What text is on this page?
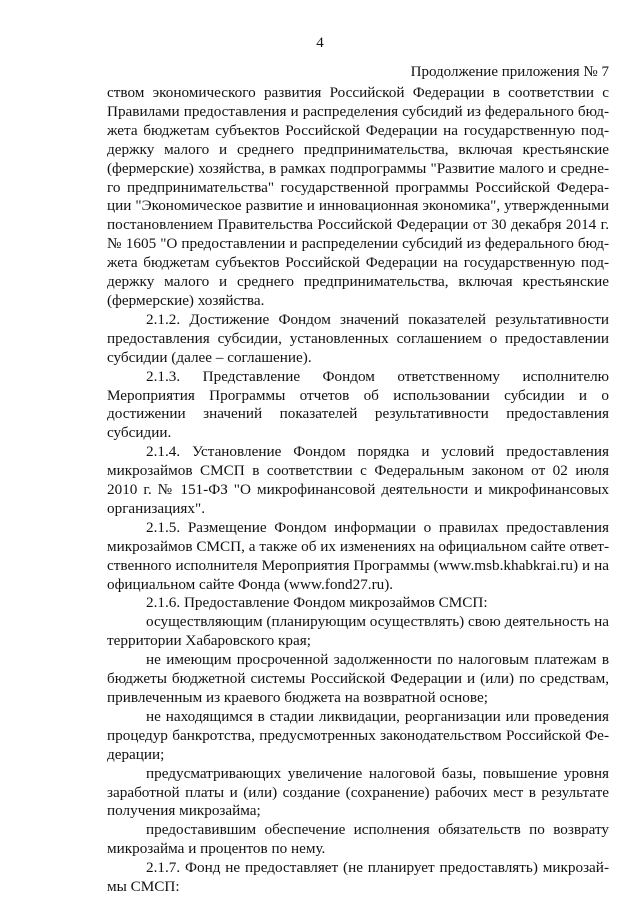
4
Продолжение приложения № 7

ством экономического развития Российской Федерации в соответствии с Правилами предоставления и распределения субсидий из федерального бюджета бюджетам субъектов Российской Федерации на государственную поддержку малого и среднего предпринимательства, включая крестьянские (фермерские) хозяйства, в рамках подпрограммы "Развитие малого и среднего предпринимательства" государственной программы Российской Федерации "Экономическое развитие и инновационная экономика", утвержденными постановлением Правительства Российской Федерации от 30 декабря 2014 г. № 1605 "О предоставлении и распределении субсидий из федерального бюджета бюджетам субъектов Российской Федерации на государственную поддержку малого и среднего предпринимательства, включая крестьянские (фермерские) хозяйства.

2.1.2. Достижение Фондом значений показателей результативности предоставления субсидии, установленных соглашением о предоставлении субсидии (далее – соглашение).

2.1.3. Представление Фондом ответственному исполнителю Мероприятия Программы отчетов об использовании субсидии и о достижении значений показателей результативности предоставления субсидии.

2.1.4. Установление Фондом порядка и условий предоставления микрозаймов СМСП в соответствии с Федеральным законом от 02 июля 2010 г. № 151-ФЗ "О микрофинансовой деятельности и микрофинансовых организациях".

2.1.5. Размещение Фондом информации о правилах предоставления микрозаймов СМСП, а также об их изменениях на официальном сайте ответственного исполнителя Мероприятия Программы (www.msb.khabkrai.ru) и на официальном сайте Фонда (www.fond27.ru).

2.1.6. Предоставление Фондом микрозаймов СМСП:

осуществляющим (планирующим осуществлять) свою деятельность на территории Хабаровского края;

не имеющим просроченной задолженности по налоговым платежам в бюджеты бюджетной системы Российской Федерации и (или) по средствам, привлеченным из краевого бюджета на возвратной основе;

не находящимся в стадии ликвидации, реорганизации или проведения процедур банкротства, предусмотренных законодательством Российской Федерации;

предусматривающих увеличение налоговой базы, повышение уровня заработной платы и (или) создание (сохранение) рабочих мест в результате получения микрозайма;

предоставившим обеспечение исполнения обязательств по возврату микрозайма и процентов по нему.

2.1.7. Фонд не предоставляет (не планирует предоставлять) микрозаймы СМСП:
